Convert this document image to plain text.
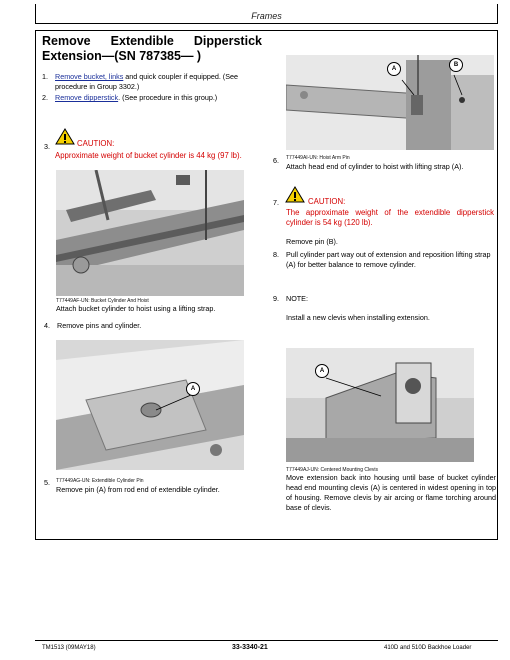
Frames
Remove Extendible Dipperstick
Extension—(SN 787385— )
1. Remove bucket, links and quick coupler if equipped. (See procedure in Group 3302.)
2. Remove dipperstick. (See procedure in this group.)
3.	CAUTION:
Approximate weight of bucket cylinder is 44 kg (97 lb).
T77449AF-UN: Bucket Cylinder And Hoist
Attach bucket cylinder to hoist using a lifting strap.
4. Remove pins and cylinder.
A
5. T77449AG-UN: Extendible Cylinder Pin
Remove pin (A) from rod end of extendible cylinder.
A
B
6. T77449AI-UN: Hoist Arm Pin
Attach head end of cylinder to hoist with lifting strap (A).
7.	CAUTION:
The approximate weight of the extendible dipperstick cylinder is 54 kg (120 lb).
Remove pin (B).
8. Pull cylinder part way out of extension and reposition lifting strap (A) for better balance to remove cylinder.
9. NOTE:
Install a new clevis when installing extension.
A
T77449AJ-UN: Centered Mounting Clevis
Move extension back into housing until base of bucket cylinder head end mounting clevis (A) is centered in widest opening in top of housing. Remove clevis by air arcing or flame torching around base of clevis.
TM1513 (09MAY18)	33-3340-21	410D and 510D Backhoe Loader
